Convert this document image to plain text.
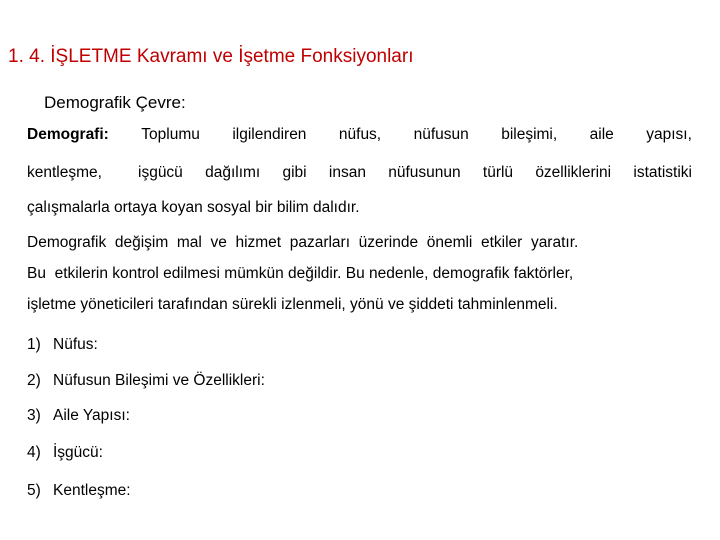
1. 4. İŞLETME Kavramı ve İşetme Fonksiyonları
Demografik Çevre:
Demografi: Toplumu ilgilendiren nüfus, nüfusun bileşimi, aile yapısı,
kentleşme, işgücü dağılımı gibi insan nüfusunun türlü özelliklerini istatistiki
çalışmalarla ortaya koyan sosyal bir bilim dalıdır.
Demografik  değişim  mal  ve  hizmet  pazarları  üzerinde  önemli  etkiler  yaratır.
Bu  etkilerin kontrol edilmesi mümkün değildir. Bu nedenle, demografik faktörler,
işletme yöneticileri tarafından sürekli izlenmeli, yönü ve şiddeti tahminlenmeli.
1) Nüfus:
2) Nüfusun Bileşimi ve Özellikleri:
3) Aile Yapısı:
4) İşgücü:
5) Kentleşme:
